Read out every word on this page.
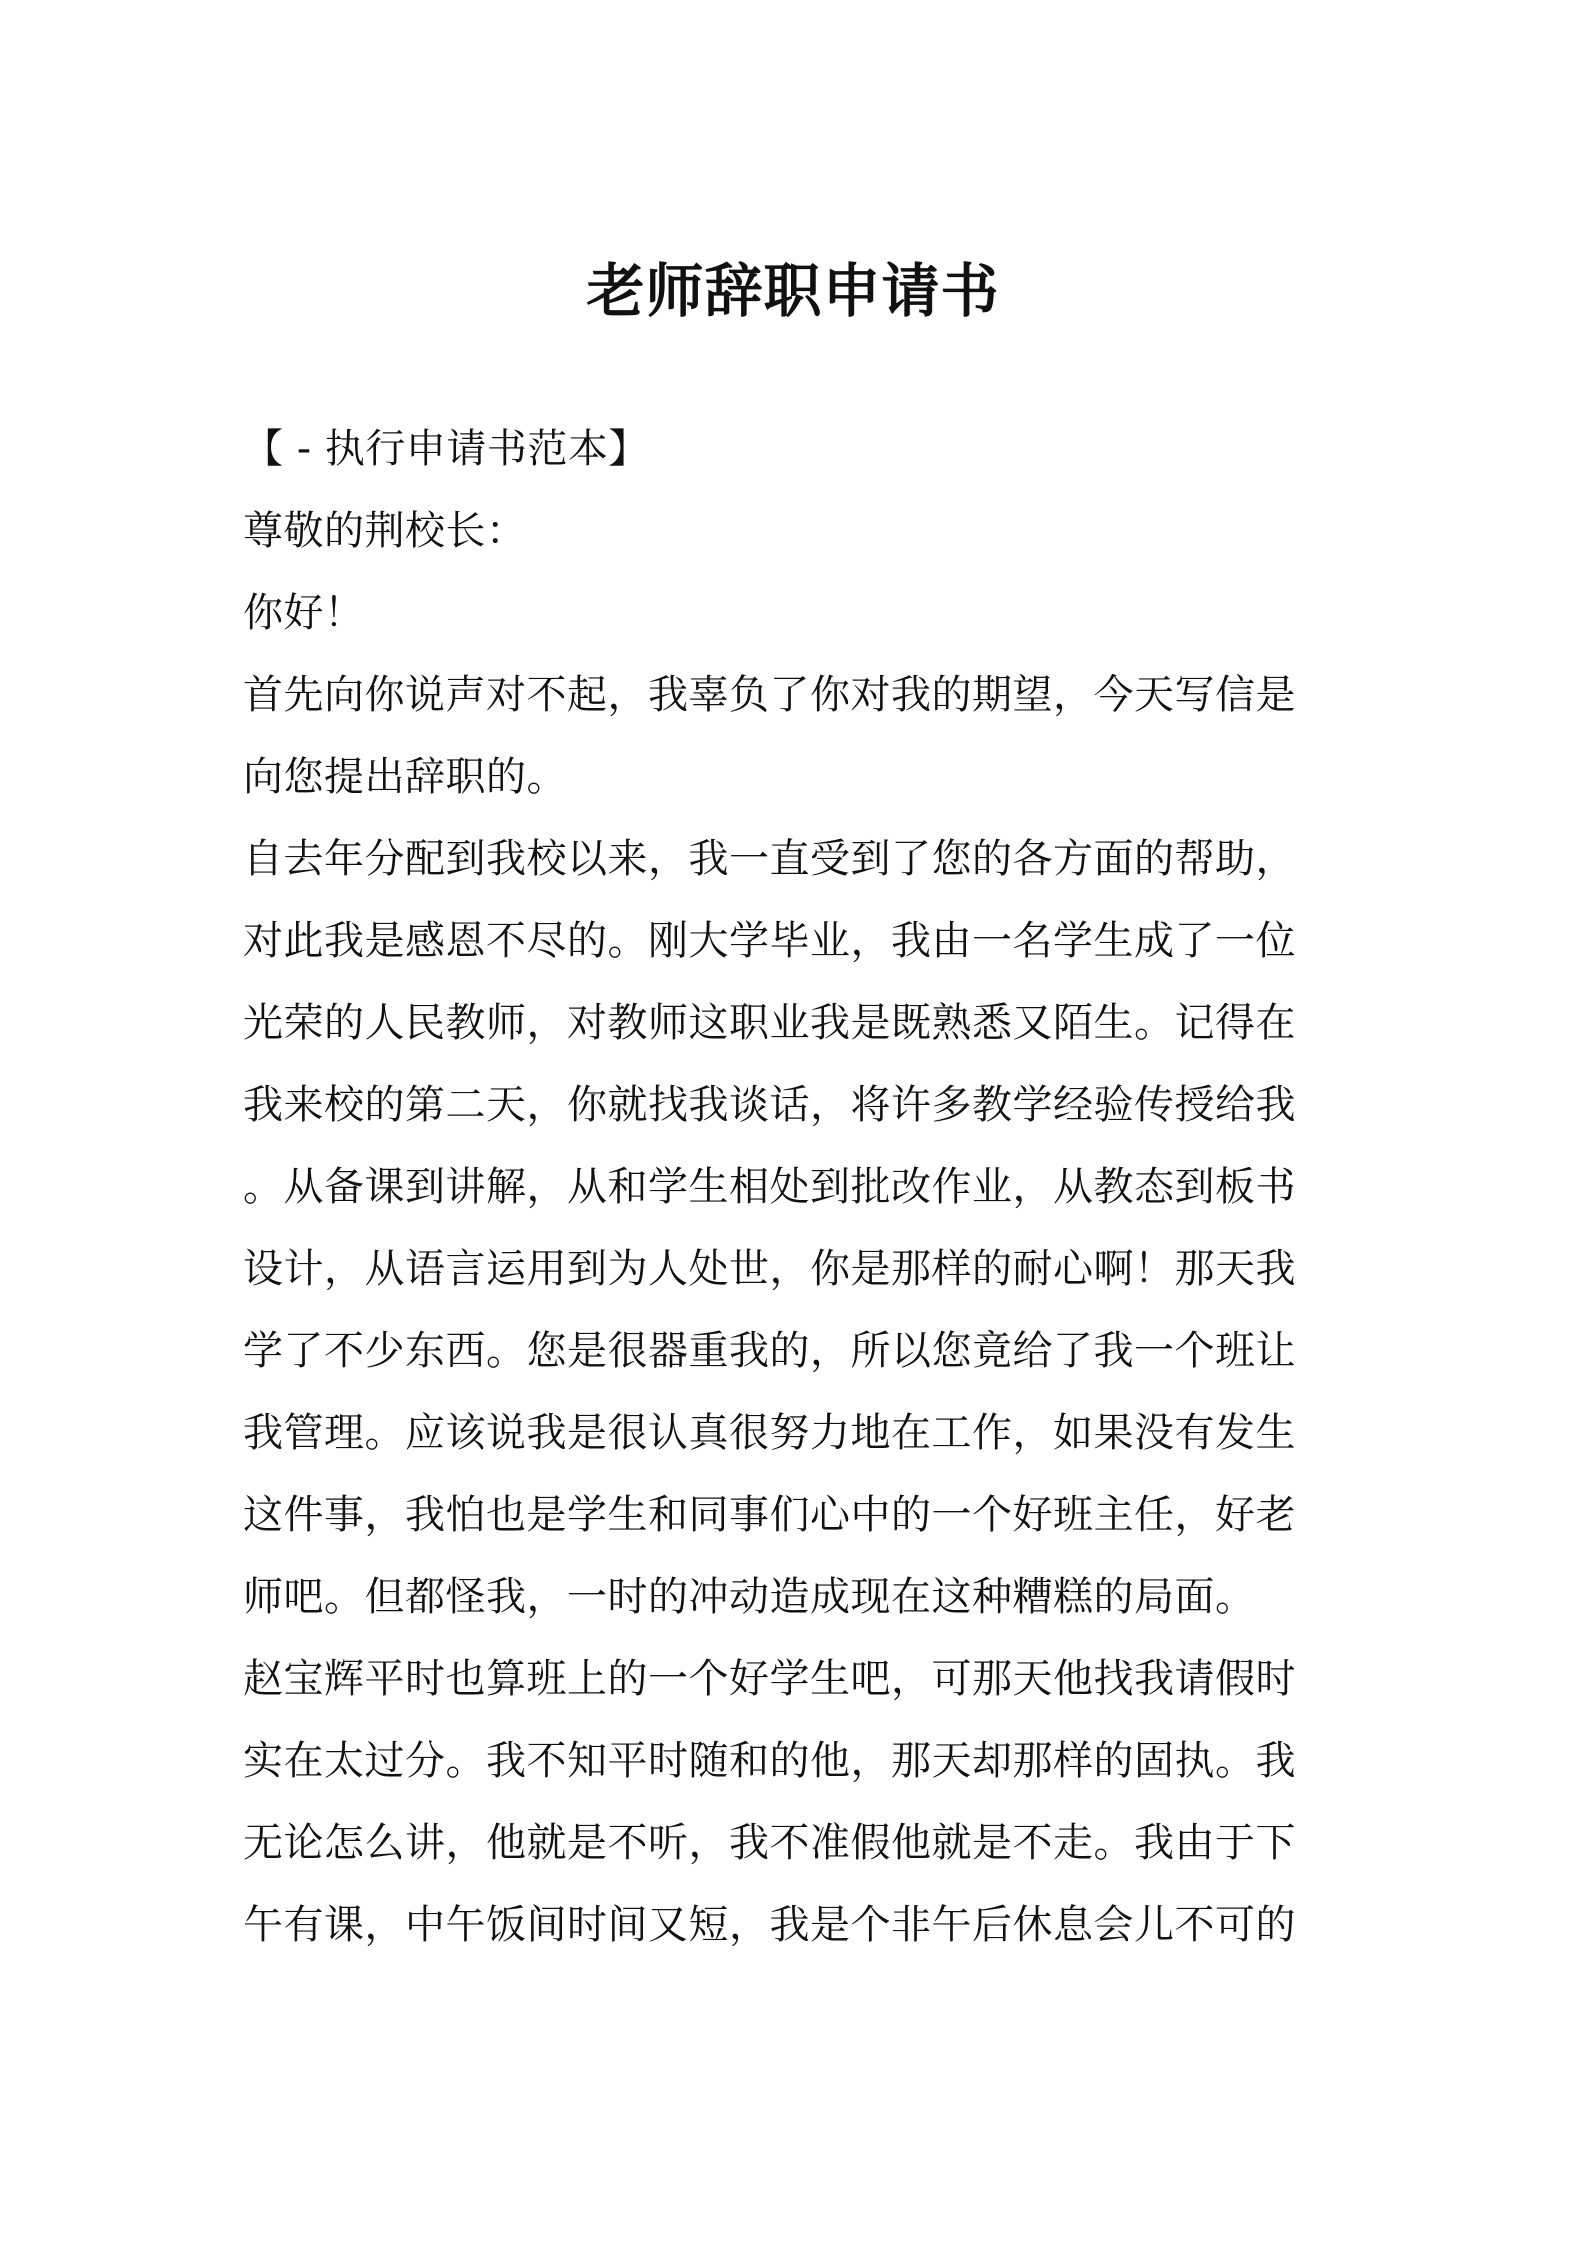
老师辞职申请书
【 - 执行申请书范本】
尊敬的荆校长：
你好！
首先向你说声对不起，我辜负了你对我的期望，今天写信是
向您提出辞职的。
自去年分配到我校以来，我一直受到了您的各方面的帮助，
对此我是感恩不尽的。刚大学毕业，我由一名学生成了一位
光荣的人民教师，对教师这职业我是既熟悉又陌生。记得在
我来校的第二天，你就找我谈话，将许多教学经验传授给我
。从备课到讲解，从和学生相处到批改作业，从教态到板书
设计，从语言运用到为人处世，你是那样的耐心啊！那天我
学了不少东西。您是很器重我的，所以您竟给了我一个班让
我管理。应该说我是很认真很努力地在工作，如果没有发生
这件事，我怕也是学生和同事们心中的一个好班主任，好老
师吧。但都怪我，一时的冲动造成现在这种糟糕的局面。
赵宝辉平时也算班上的一个好学生吧，可那天他找我请假时
实在太过分。我不知平时随和的他，那天却那样的固执。我
无论怎么讲，他就是不听，我不准假他就是不走。我由于下
午有课，中午饭间时间又短，我是个非午后休息会儿不可的
